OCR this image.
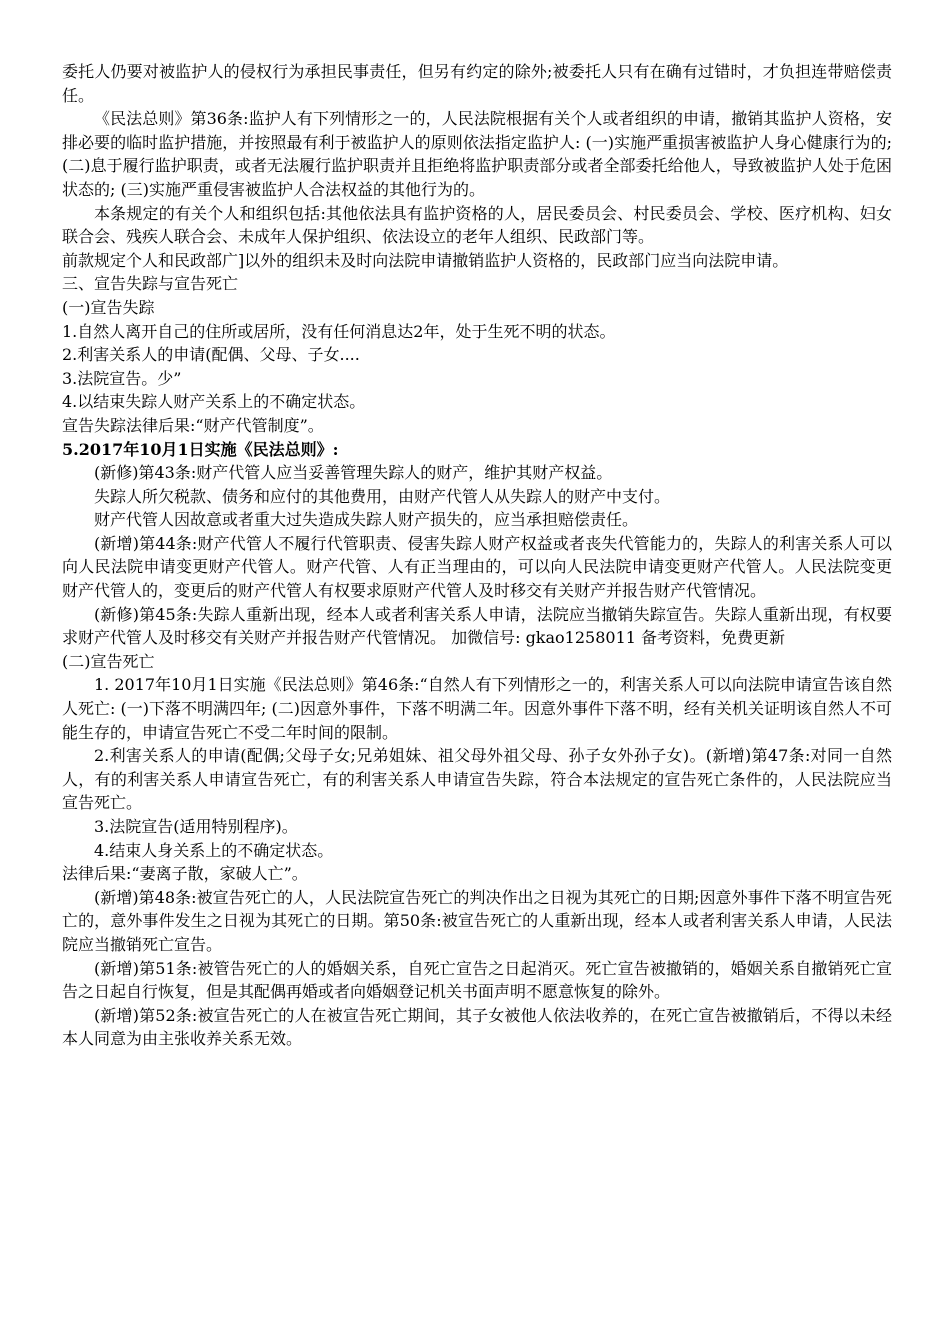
委托人仍要对被监护人的侵权行为承担民事责任，但另有约定的除外;被委托人只有在确有过错时，才负担连带赔偿责任。

《民法总则》第36条:监护人有下列情形之一的，人民法院根据有关个人或者组织的申请，撤销其监护人资格，安排必要的临时监护措施，并按照最有利于被监护人的原则依法指定监护人: (一)实施严重损害被监护人身心健康行为的; (二)息于履行监护职责，或者无法履行监护职责并且拒绝将监护职责部分或者全部委托给他人，导致被监护人处于危困状态的; (三)实施严重侵害被监护人合法权益的其他行为的。

本条规定的有关个人和组织包括:其他依法具有监护资格的人，居民委员会、村民委员会、学校、医疗机构、妇女联合会、残疾人联合会、未成年人保护组织、依法设立的老年人组织、民政部门等。

前款规定个人和民政部广]以外的组织未及时向法院申请撤销监护人资格的，民政部门应当向法院申请。

三、宣告失踪与宣告死亡

(一)宣告失踪

1.自然人离开自己的住所或居所，没有任何消息达2年，处于生死不明的状态。

2.利害关系人的申请(配偶、父母、子女....

3.法院宣告。少”

4.以结束失踪人财产关系上的不确定状态。

宣告失踪法律后果:“财产代管制度”。

5.2017年10月1日实施《民法总则》:

(新修)第43条:财产代管人应当妥善管理失踪人的财产，维护其财产权益。

失踪人所欠税款、债务和应付的其他费用，由财产代管人从失踪人的财产中支付。

财产代管人因故意或者重大过失造成失踪人财产损失的，应当承担赔偿责任。

(新增)第44条:财产代管人不履行代管职责、侵害失踪人财产权益或者丧失代管能力的，失踪人的利害关系人可以向人民法院申请变更财产代管人。财产代管、人有正当理由的，可以向人民法院申请变更财产代管人。人民法院变更财产代管人的，变更后的财产代管人有权要求原财产代管人及时移交有关财产并报告财产代管情况。

(新修)第45条:失踪人重新出现，经本人或者利害关系人申请，法院应当撤销失踪宣告。失踪人重新出现，有权要求财产代管人及时移交有关财产并报告财产代管情况。 加微信号: gkao1258011 备考资料，免费更新

(二)宣告死亡

1. 2017年10月1日实施《民法总则》第46条:“自然人有下列情形之一的，利害关系人可以向法院申请宣告该自然人死亡: (一)下落不明满四年; (二)因意外事件，下落不明满二年。因意外事件下落不明，经有关机关证明该自然人不可能生存的，申请宣告死亡不受二年时间的限制。

2.利害关系人的申请(配偶;父母子女;兄弟姐妹、祖父母外祖父母、孙子女外孙子女)。(新增)第47条:对同一自然人，有的利害关系人申请宣告死亡，有的利害关系人申请宣告失踪，符合本法规定的宣告死亡条件的，人民法院应当宣告死亡。

3.法院宣告(适用特别程序)。

4.结束人身关系上的不确定状态。

法律后果:“妻离子散，家破人亡”。

(新增)第48条:被宣告死亡的人，人民法院宣告死亡的判决作出之日视为其死亡的日期;因意外事件下落不明宣告死亡的，意外事件发生之日视为其死亡的日期。第50条:被宣告死亡的人重新出现，经本人或者利害关系人申请，人民法院应当撤销死亡宣告。

(新增)第51条:被管告死亡的人的婚姻关系，自死亡宣告之日起消灭。死亡宣告被撤销的，婚姻关系自撤销死亡宣告之日起自行恢复，但是其配偶再婚或者向婚姻登记机关书面声明不愿意恢复的除外。

(新增)第52条:被宣告死亡的人在被宣告死亡期间，其子女被他人依法收养的，在死亡宣告被撤销后，不得以未经本人同意为由主张收养关系无效。
